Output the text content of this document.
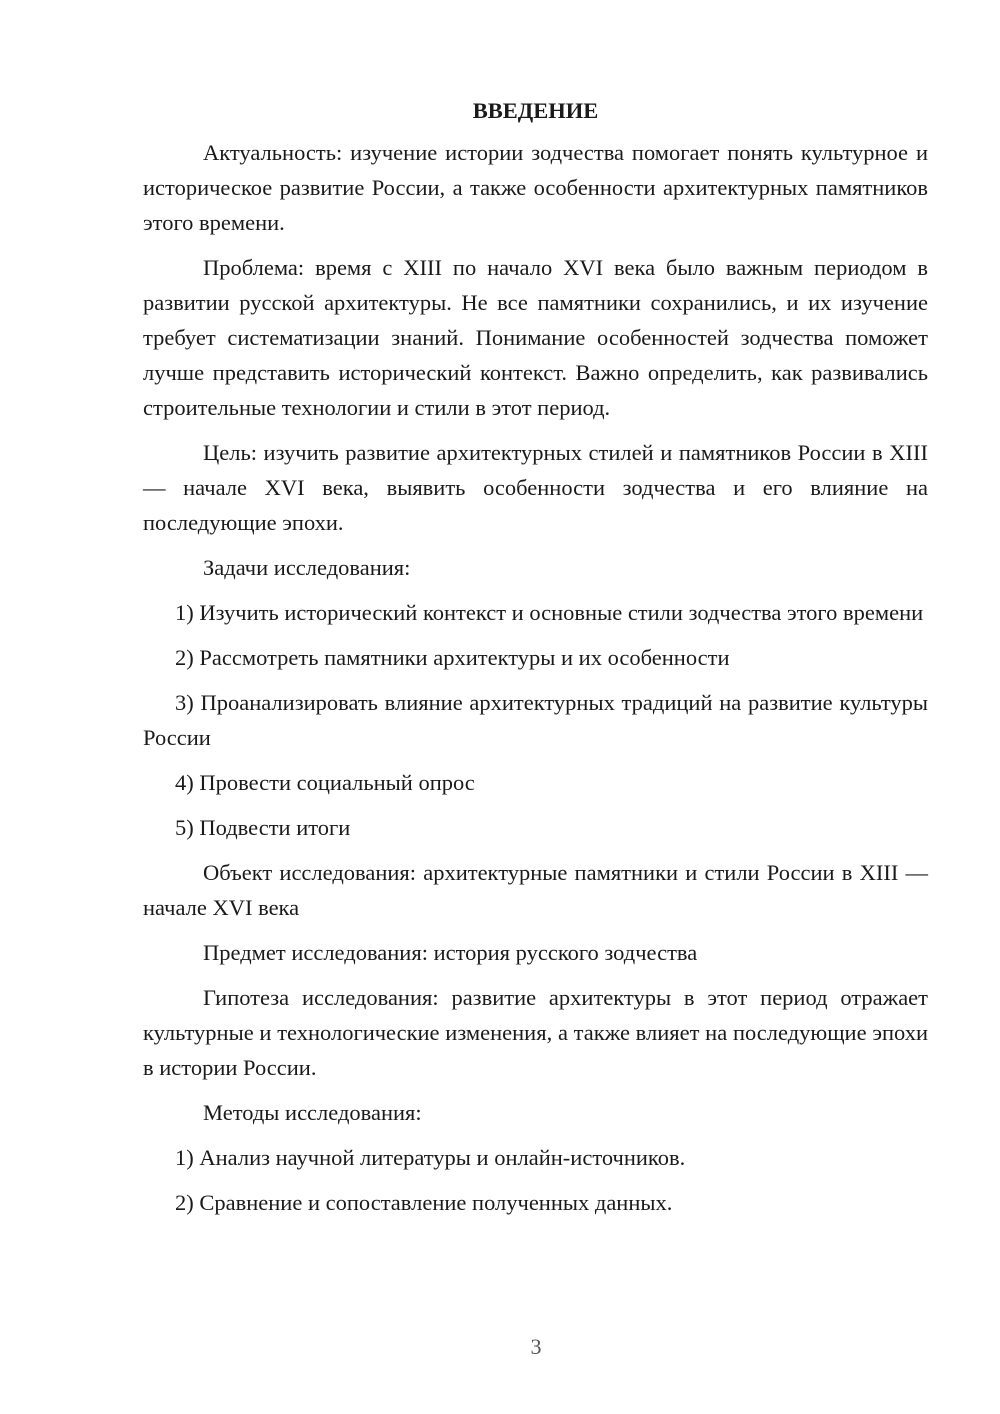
ВВЕДЕНИЕ

Актуальность: изучение истории зодчества помогает понять культурное и историческое развитие России, а также особенности архитектурных памятников этого времени.

Проблема: время с XIII по начало XVI века было важным периодом в развитии русской архитектуры. Не все памятники сохранились, и их изучение требует систематизации знаний. Понимание особенностей зодчества поможет лучше представить исторический контекст. Важно определить, как развивались строительные технологии и стили в этот период.

Цель: изучить развитие архитектурных стилей и памятников России в XIII — начале XVI века, выявить особенности зодчества и его влияние на последующие эпохи.

Задачи исследования:

1) Изучить исторический контекст и основные стили зодчества этого времени

2) Рассмотреть памятники архитектуры и их особенности

3) Проанализировать влияние архитектурных традиций на развитие культуры России

4) Провести социальный опрос

5) Подвести итоги

Объект исследования: архитектурные памятники и стили России в XIII — начале XVI века

Предмет исследования: история русского зодчества

Гипотеза исследования: развитие архитектуры в этот период отражает культурные и технологические изменения, а также влияет на последующие эпохи в истории России.

Методы исследования:

1) Анализ научной литературы и онлайн-источников.

2) Сравнение и сопоставление полученных данных.

3
